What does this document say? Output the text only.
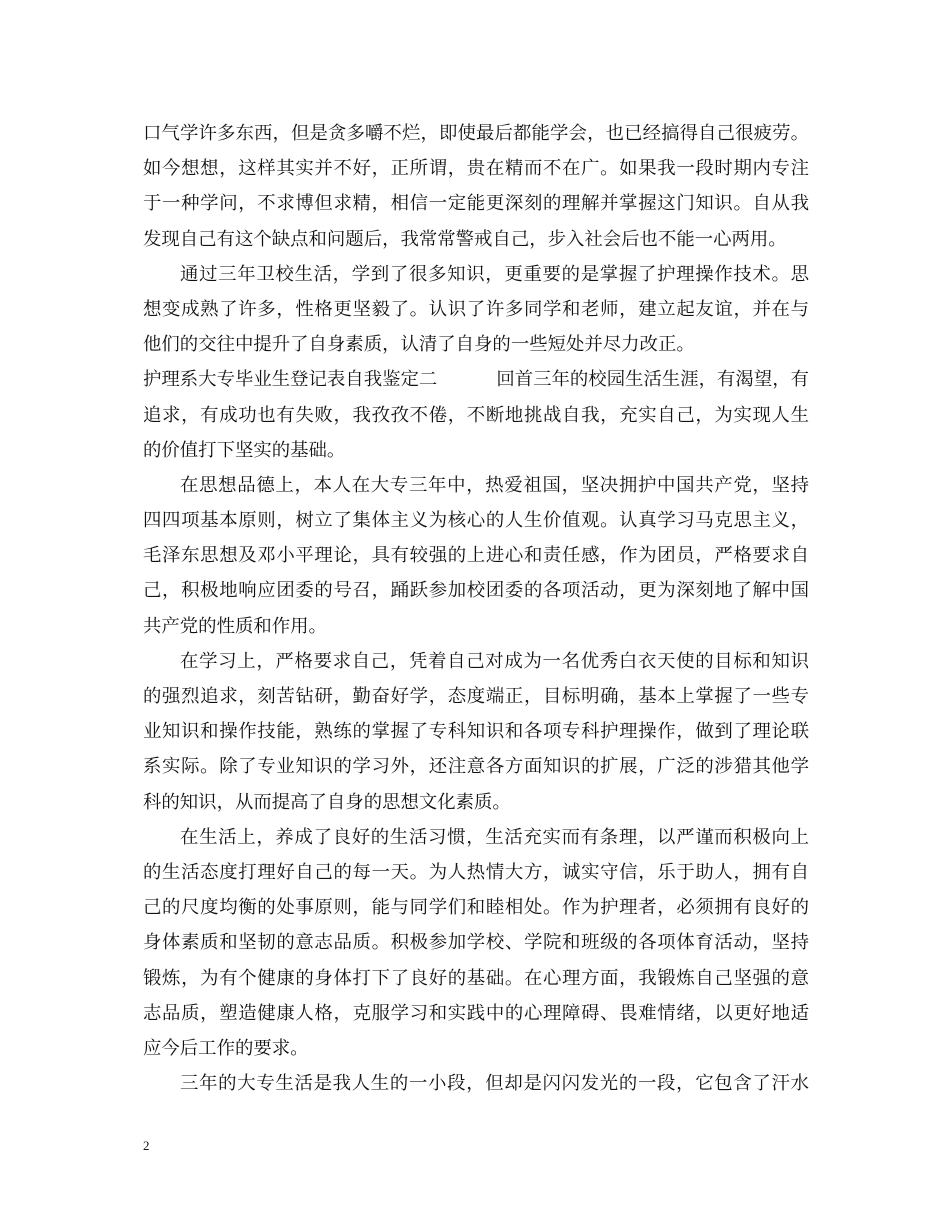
口气学许多东西，但是贪多嚼不烂，即使最后都能学会，也已经搞得自己很疲劳。
如今想想，这样其实并不好，正所谓，贵在精而不在广。如果我一段时期内专注
于一种学问，不求博但求精，相信一定能更深刻的理解并掌握这门知识。自从我
发现自己有这个缺点和问题后，我常常警戒自己，步入社会后也不能一心两用。
通过三年卫校生活，学到了很多知识，更重要的是掌握了护理操作技术。思
想变成熟了许多，性格更坚毅了。认识了许多同学和老师，建立起友谊，并在与
他们的交往中提升了自身素质，认清了自身的一些短处并尽力改正。
护理系大专毕业生登记表自我鉴定二	回首三年的校园生活生涯，有渴望，有
追求，有成功也有失败，我孜孜不倦，不断地挑战自我，充实自己，为实现人生
的价值打下坚实的基础。
在思想品德上，本人在大专三年中，热爱祖国，坚决拥护中国共产党，坚持
四四项基本原则，树立了集体主义为核心的人生价值观。认真学习马克思主义，
毛泽东思想及邓小平理论，具有较强的上进心和责任感，作为团员，严格要求自
己，积极地响应团委的号召，踊跃参加校团委的各项活动，更为深刻地了解中国
共产党的性质和作用。
在学习上，严格要求自己，凭着自己对成为一名优秀白衣天使的目标和知识
的强烈追求，刻苦钻研，勤奋好学，态度端正，目标明确，基本上掌握了一些专
业知识和操作技能，熟练的掌握了专科知识和各项专科护理操作，做到了理论联
系实际。除了专业知识的学习外，还注意各方面知识的扩展，广泛的涉猎其他学
科的知识，从而提高了自身的思想文化素质。
在生活上，养成了良好的生活习惯，生活充实而有条理，以严谨而积极向上
的生活态度打理好自己的每一天。为人热情大方，诚实守信，乐于助人，拥有自
己的尺度均衡的处事原则，能与同学们和睦相处。作为护理者，必须拥有良好的
身体素质和坚韧的意志品质。积极参加学校、学院和班级的各项体育活动，坚持
锻炼，为有个健康的身体打下了良好的基础。在心理方面，我锻炼自己坚强的意
志品质，塑造健康人格，克服学习和实践中的心理障碍、畏难情绪，以更好地适
应今后工作的要求。
三年的大专生活是我人生的一小段，但却是闪闪发光的一段，它包含了汗水
2
